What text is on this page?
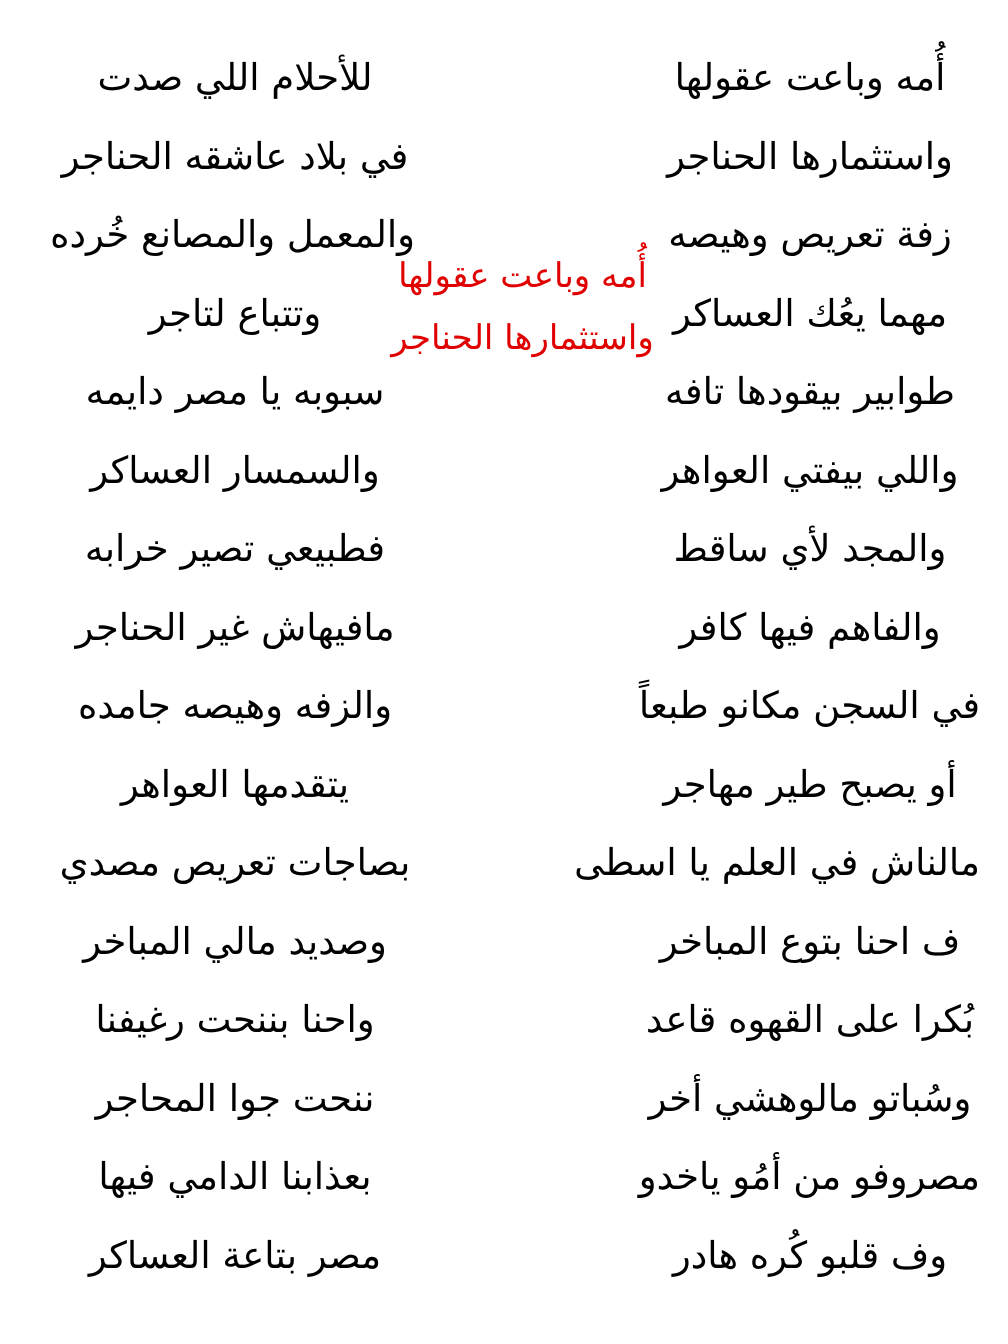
أُمه وباعت عقولها
واستثمارها الحناجر
زفة تعريص وهيصه
مهما يعُك العساكر
طوابير بيقودها تافه
واللي بيفتي العواهر
والمجد لأي ساقط
والفاهم فيها كافر
في السجن مكانو طبعاً
أو يصبح طير مهاجر
مالناش في العلم يا اسطى
ف احنا بتوع المباخر
بُكرا على القهوه قاعد
وسُباتو مالوهشي أخر
مصروفو من أمُو ياخدو
وف قلبو كُره هادر
أُمه وباعت عقولها
واستثمارها الحناجر
للأحلام اللي صدت
في بلاد عاشقه الحناجر
والمعمل والمصانع خُرده
وتتباع لتاجر
سبوبه يا مصر دايمه
والسمسار العساكر
فطبيعي تصير خرابه
مافيهاش غير الحناجر
والزفه وهيصه جامده
يتقدمها العواهر
بصاجات تعريص مصدي
وصديد مالي المباخر
واحنا بننحت رغيفنا
ننحت جوا المحاجر
بعذابنا الدامي فيها
مصر بتاعة العساكر
